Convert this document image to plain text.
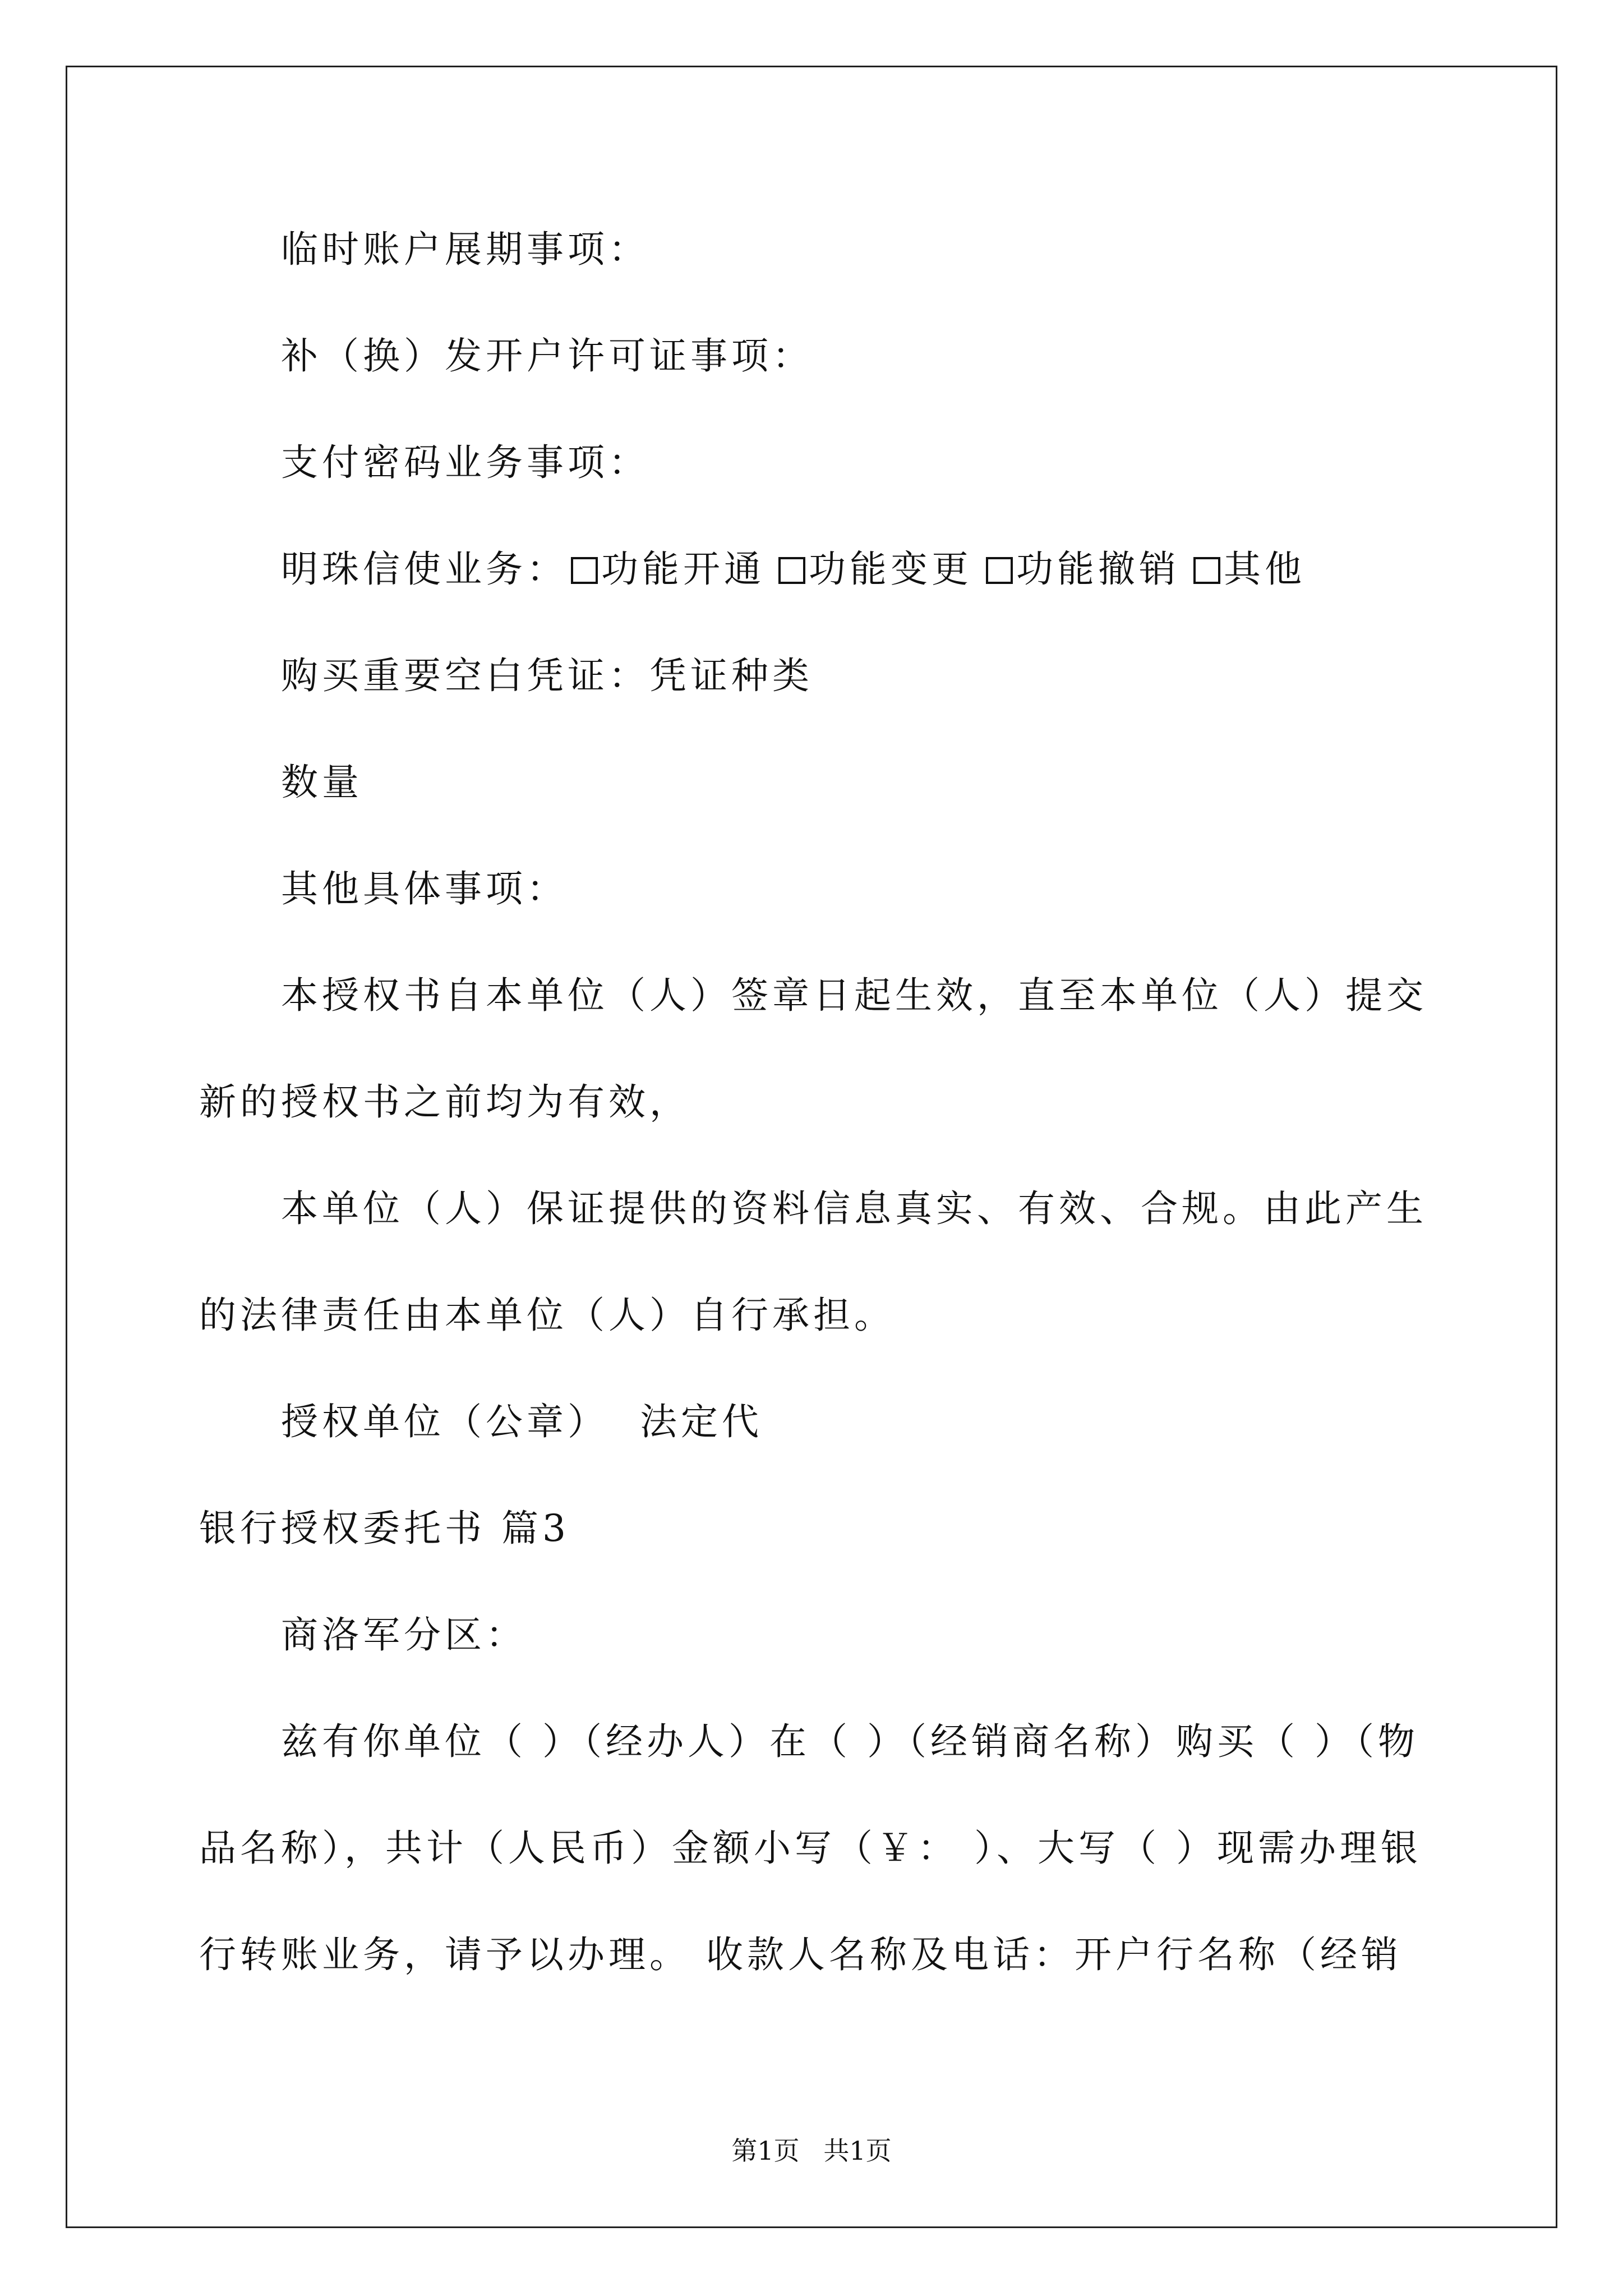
临时账户展期事项：

补（换）发开户许可证事项：

支付密码业务事项：

明珠信使业务： 功能开通 功能变更 功能撤销 其他

购买重要空白凭证：凭证种类

数量

其他具体事项：

本授权书自本单位（人）签章日起生效，直至本单位（人）提交新的授权书之前均为有效，

本单位（人）保证提供的资料信息真实、有效、合规。由此产生的法律责任由本单位（人）自行承担。

授权单位（公章）  法定代

银行授权委托书 篇3

商洛军分区：

兹有你单位（ ）（经办人）在（ ）（经销商名称）购买（ ）（物品名称），共计（人民币）金额小写（￥： ）、大写（ ）现需办理银行转账业务，请予以办理。 收款人名称及电话：开户行名称（经销

第1页 共1页
